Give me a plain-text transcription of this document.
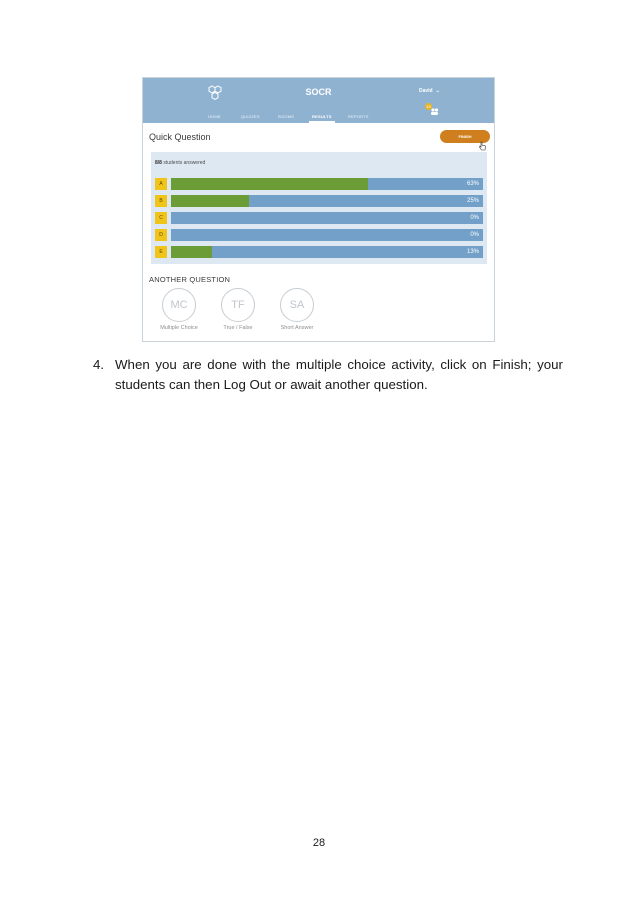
SOCR	David ⌄
15
HOME	QUIZZES	ROOMS	RESULTS	REPORTS
Quick Question	FINISH
8/8 students answered
A	63%
B	25%
C	0%
D	0%
E	13%
ANOTHER QUESTION
MC
Multiple Choice
TF
True / False
SA
Short Answer
4. When you are done with the multiple choice activity, click on Finish; your students can then Log Out or await another question.
28
